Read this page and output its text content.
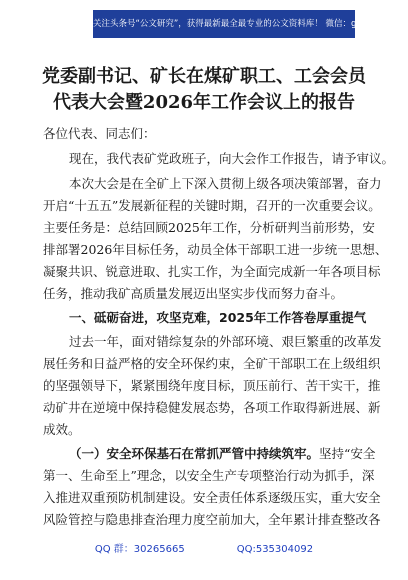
关注头条号“公文研究”，获得最新最全最专业的公文资料库！ 微信：gongwenyj
党委副书记、矿长在煤矿职工、工会会员
代表大会暨2026年工作会议上的报告
各位代表、同志们：
现在，我代表矿党政班子，向大会作工作报告，请予审议。
本次大会是在全矿上下深入贯彻上级各项决策部署，奋力
开启“十五五”发展新征程的关键时期，召开的一次重要会议。
主要任务是：总结回顾2025年工作，分析研判当前形势，安
排部署2026年目标任务，动员全体干部职工进一步统一思想、
凝聚共识、锐意进取、扎实工作，为全面完成新一年各项目标
任务，推动我矿高质量发展迈出坚实步伐而努力奋斗。
一、砥砺奋进，攻坚克难，2025年工作答卷厚重提气
过去一年，面对错综复杂的外部环境、艰巨繁重的改革发
展任务和日益严格的安全环保约束，全矿干部职工在上级组织
的坚强领导下，紧紧围绕年度目标，顶压前行、苦干实干，推
动矿井在逆境中保持稳健发展态势，各项工作取得新进展、新
成效。
（一）安全环保基石在常抓严管中持续筑牢。坚持“安全
第一、生命至上”理念，以安全生产专项整治行动为抓手，深
入推进双重预防机制建设。安全责任体系逐级压实，重大安全
风险管控与隐患排查治理力度空前加大，全年累计排查整改各
QQ 群：30265665	QQ:535304092
